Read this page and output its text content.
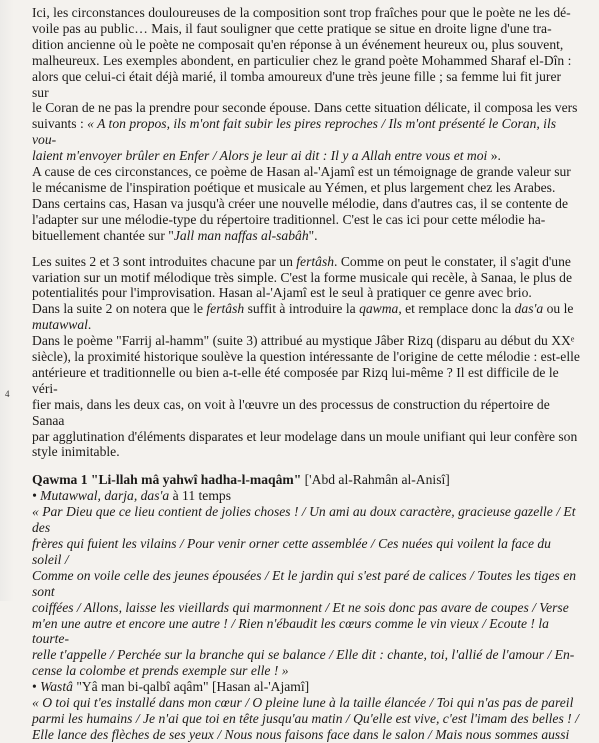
4

Ici, les circonstances douloureuses de la composition sont trop fraîches pour que le poète ne les dé-

voile pas au public… Mais, il faut souligner que cette pratique se situe en droite ligne d'une tra-

dition ancienne où le poète ne composait qu'en réponse à un événement heureux ou, plus souvent,

malheureux. Les exemples abondent, en particulier chez le grand poète Mohammed Sharaf el-Dîn :

alors que celui-ci était déjà marié, il tomba amoureux d'une très jeune fille ; sa femme lui fit jurer sur

le Coran de ne pas la prendre pour seconde épouse. Dans cette situation délicate, il composa les vers

suivants : « A ton propos, ils m'ont fait subir les pires reproches / Ils m'ont présenté le Coran, ils vou-

laient m'envoyer brûler en Enfer / Alors je leur ai dit : Il y a Allah entre vous et moi ».

A cause de ces circonstances, ce poème de Hasan al-'Ajamî est un témoignage de grande valeur sur

le mécanisme de l'inspiration poétique et musicale au Yémen, et plus largement chez les Arabes.

Dans certains cas, Hasan va jusqu'à créer une nouvelle mélodie, dans d'autres cas, il se contente de

l'adapter sur une mélodie-type du répertoire traditionnel. C'est le cas ici pour cette mélodie ha-

bituellement chantée sur "Jall man naffas al-sabâh".

Les suites 2 et 3 sont introduites chacune par un fertâsh. Comme on peut le constater, il s'agit d'une

variation sur un motif mélodique très simple. C'est la forme musicale qui recèle, à Sanaa, le plus de

potentialités pour l'improvisation. Hasan al-'Ajamî est le seul à pratiquer ce genre avec brio.

Dans la suite 2 on notera que le fertâsh suffit à introduire la qawma, et remplace donc la das'a ou le

mutawwal.

Dans le poème "Farrij al-hamm" (suite 3) attribué au mystique Jâber Rizq (disparu au début du XXᵉ

siècle), la proximité historique soulève la question intéressante de l'origine de cette mélodie : est-elle

antérieure et traditionnelle ou bien a-t-elle été composée par Rizq lui-même ? Il est difficile de le véri-

fier mais, dans les deux cas, on voit à l'œuvre un des processus de construction du répertoire de Sanaa

par agglutination d'éléments disparates et leur modelage dans un moule unifiant qui leur confère son

style inimitable.

Qawma 1 "Li-llah mâ yahwî hadha-l-maqâm" ['Abd al-Rahmân al-Anisî]

• Mutawwal, darja, das'a à 11 temps

« Par Dieu que ce lieu contient de jolies choses ! / Un ami au doux caractère, gracieuse gazelle / Et des

frères qui fuient les vilains / Pour venir orner cette assemblée / Ces nuées qui voilent la face du soleil /

Comme on voile celle des jeunes épousées / Et le jardin qui s'est paré de calices / Toutes les tiges en sont

coiffées / Allons, laisse les vieillards qui marmonnent / Et ne sois donc pas avare de coupes / Verse

m'en une autre et encore une autre ! / Rien n'ébaudit les cœurs comme le vin vieux / Ecoute ! la tourte-

relle t'appelle / Perchée sur la branche qui se balance / Elle dit : chante, toi, l'allié de l'amour / En-

cense la colombe et prends exemple sur elle ! »

• Wastâ "Yâ man bi-qalbî aqâm" [Hasan al-'Ajamî]

« O toi qui t'es installé dans mon cœur / O pleine lune à la taille élancée / Toi qui n'as pas de pareil

parmi les humains / Je n'ai que toi en tête jusqu'au matin / Qu'elle est vive, c'est l'imam des belles ! /

Elle lance des flèches de ses yeux / Nous nous faisons face dans le salon / Mais nous sommes aussi
